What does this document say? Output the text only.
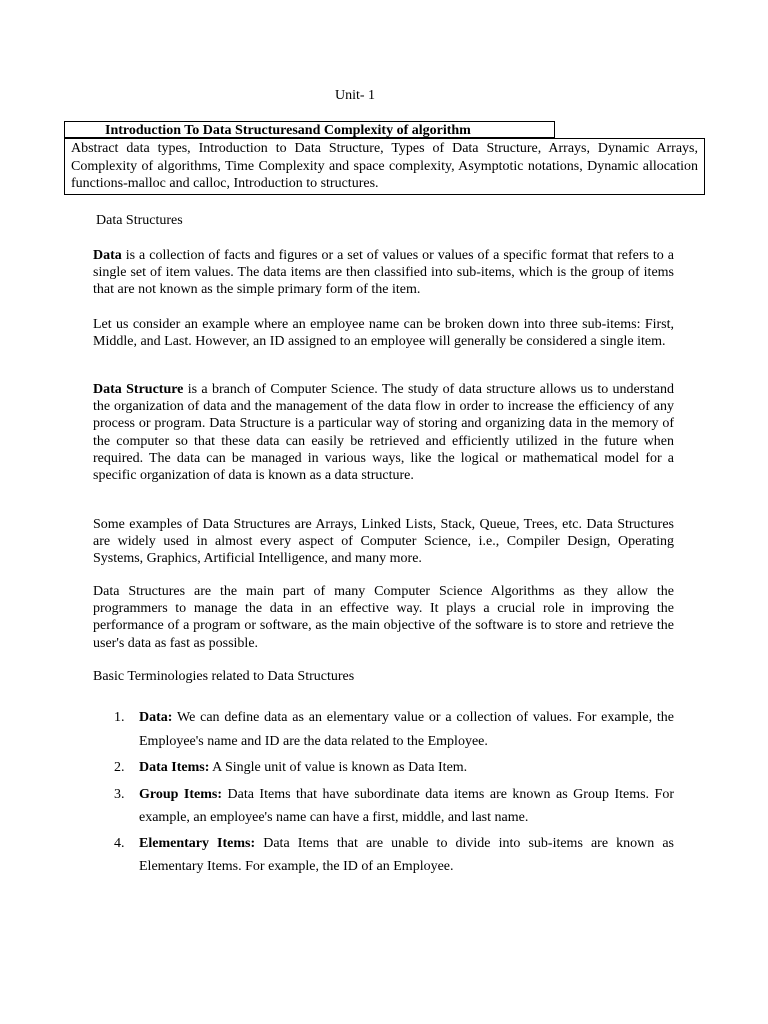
Unit- 1
Introduction To Data Structuresand Complexity of algorithm
Abstract data types, Introduction to Data Structure, Types of Data Structure, Arrays, Dynamic Arrays, Complexity of algorithms, Time Complexity and space complexity, Asymptotic notations, Dynamic allocation functions-malloc and calloc, Introduction to structures.
Data Structures

Data is a collection of facts and figures or a set of values or values of a specific format that refers to a single set of item values. The data items are then classified into sub-items, which is the group of items that are not known as the simple primary form of the item.

Let us consider an example where an employee name can be broken down into three sub-items: First, Middle, and Last. However, an ID assigned to an employee will generally be considered a single item.

Data Structure is a branch of Computer Science. The study of data structure allows us to understand the organization of data and the management of the data flow in order to increase the efficiency of any process or program. Data Structure is a particular way of storing and organizing data in the memory of the computer so that these data can easily be retrieved and efficiently utilized in the future when required. The data can be managed in various ways, like the logical or mathematical model for a specific organization of data is known as a data structure.

Some examples of Data Structures are Arrays, Linked Lists, Stack, Queue, Trees, etc. Data Structures are widely used in almost every aspect of Computer Science, i.e., Compiler Design, Operating Systems, Graphics, Artificial Intelligence, and many more.

Data Structures are the main part of many Computer Science Algorithms as they allow the programmers to manage the data in an effective way. It plays a crucial role in improving the performance of a program or software, as the main objective of the software is to store and retrieve the user's data as fast as possible.

Basic Terminologies related to Data Structures
1. Data: We can define data as an elementary value or a collection of values. For example, the Employee's name and ID are the data related to the Employee.
2. Data Items: A Single unit of value is known as Data Item.
3. Group Items: Data Items that have subordinate data items are known as Group Items. For example, an employee's name can have a first, middle, and last name.
4. Elementary Items: Data Items that are unable to divide into sub-items are known as Elementary Items. For example, the ID of an Employee.
